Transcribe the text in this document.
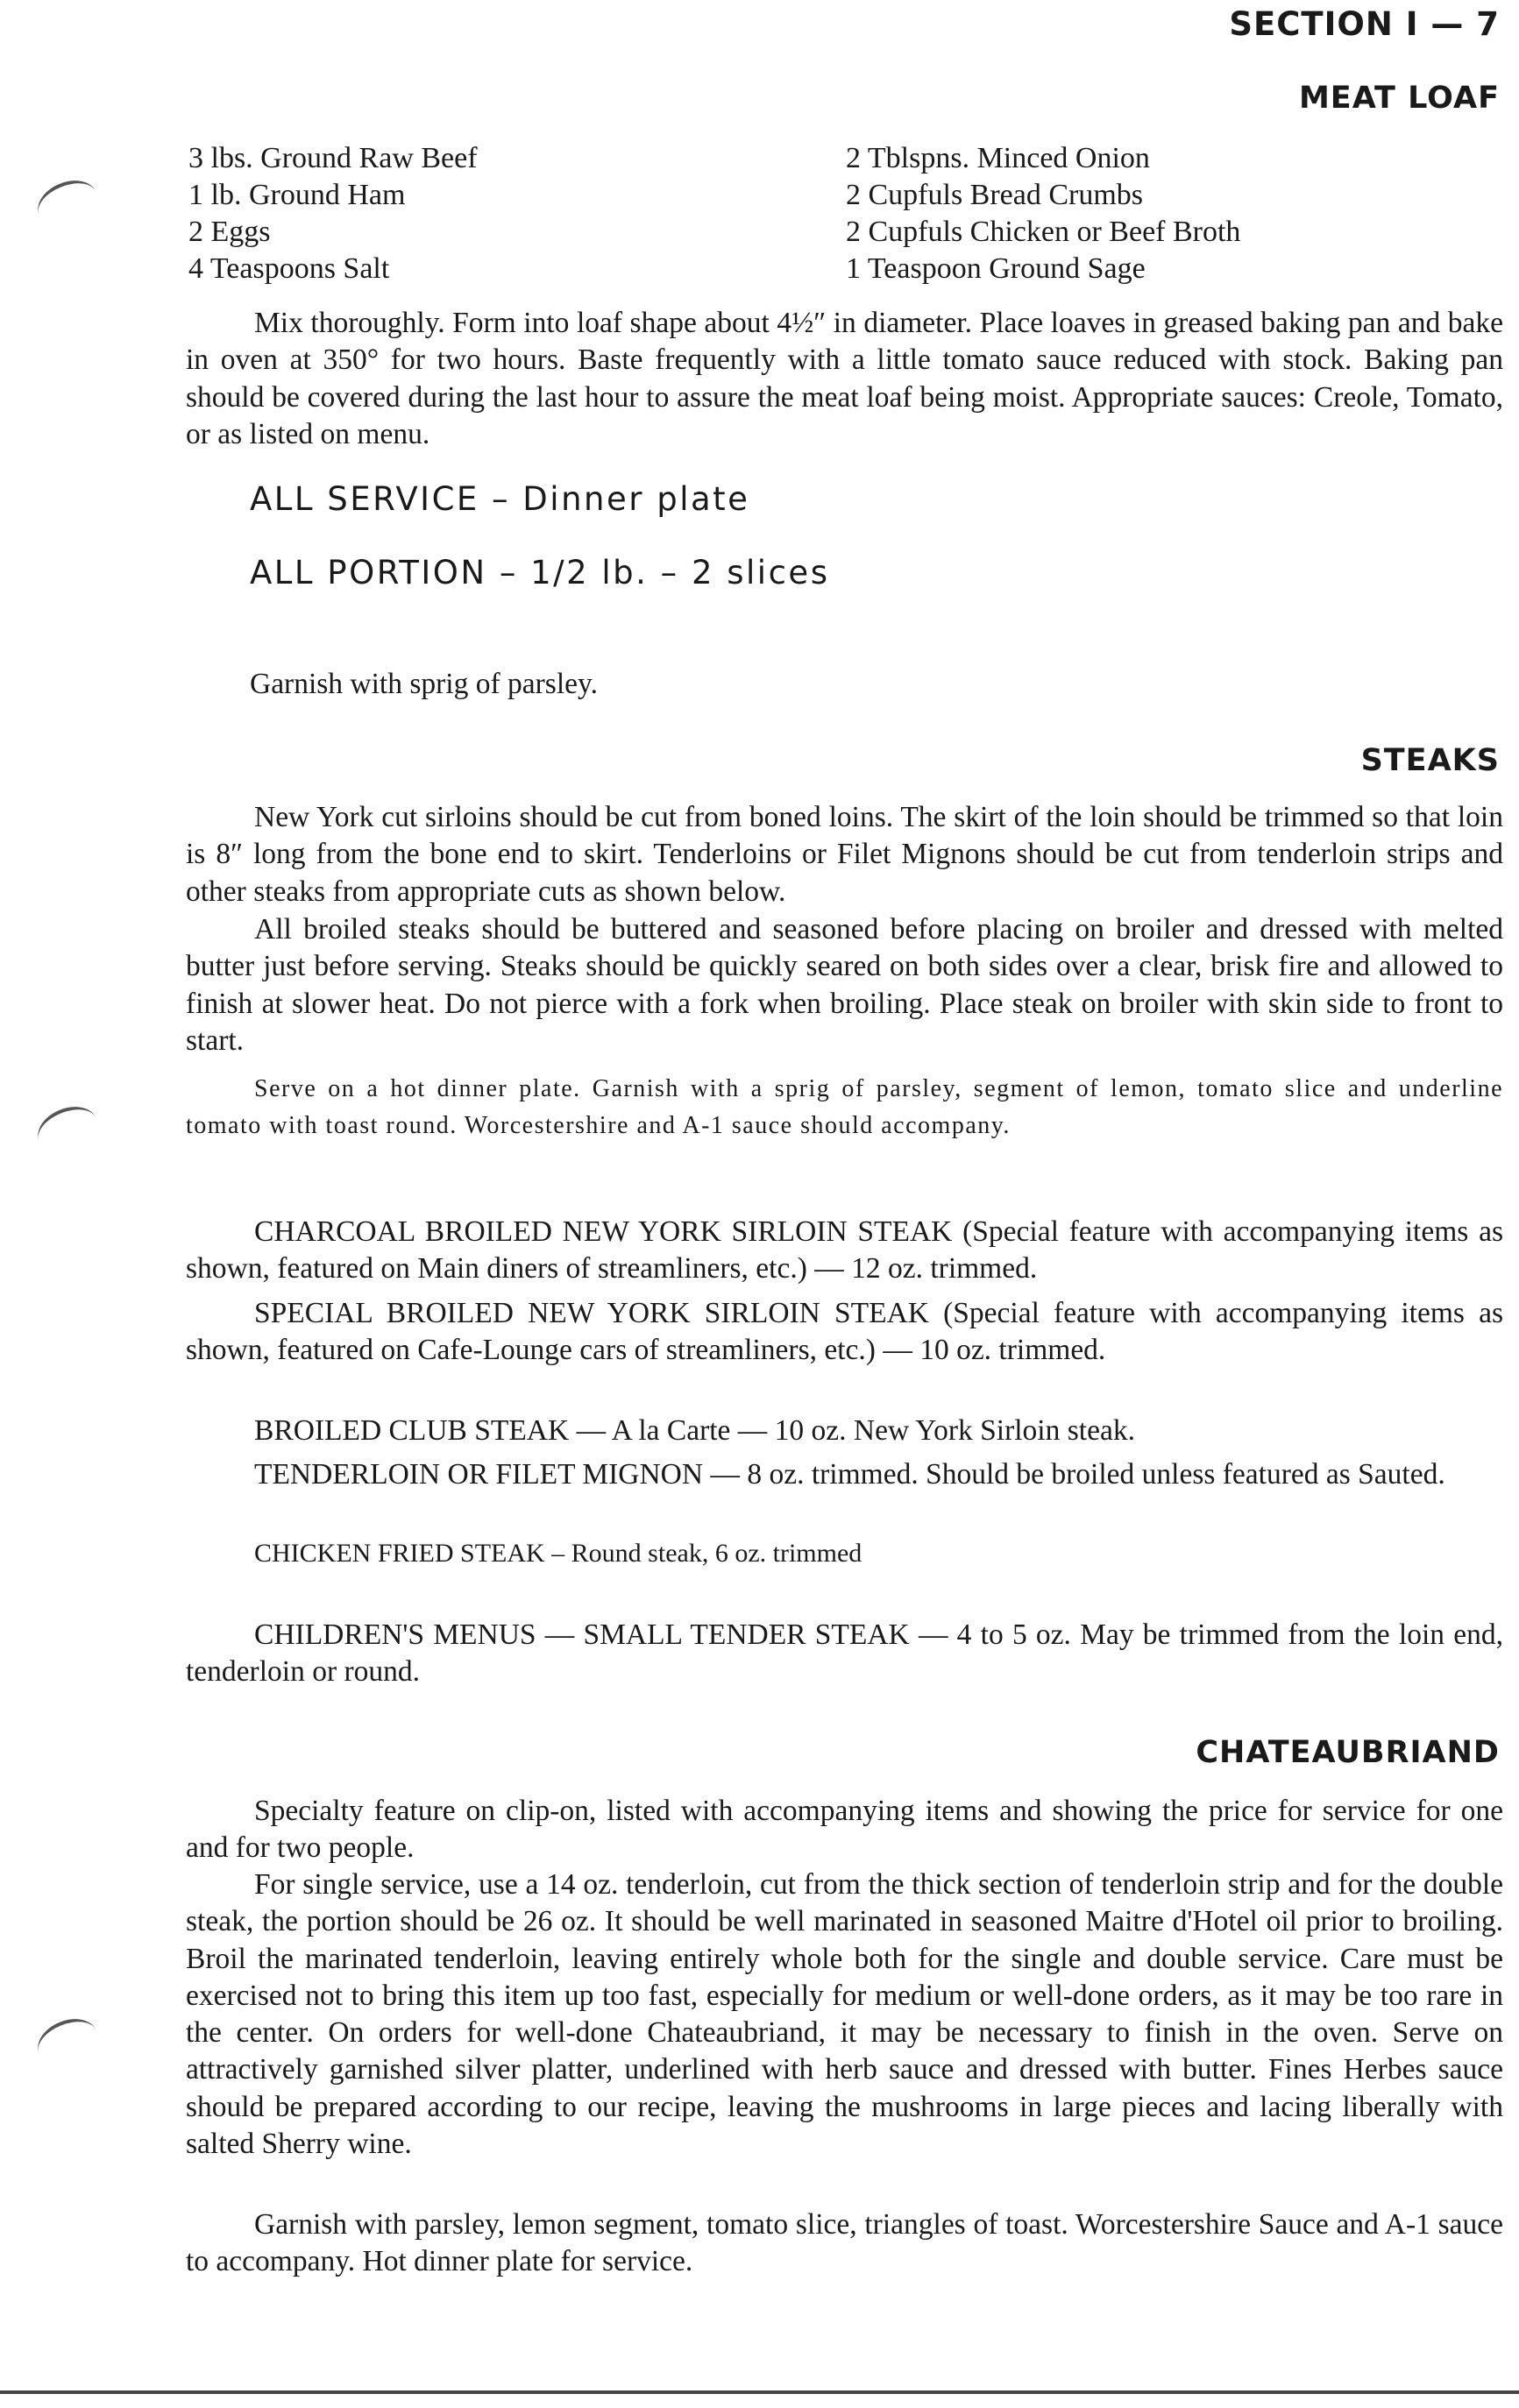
SECTION I — 7
MEAT LOAF
3 lbs. Ground Raw Beef
1 lb. Ground Ham
2 Eggs
4 Teaspoons Salt
2 Tblspns. Minced Onion
2 Cupfuls Bread Crumbs
2 Cupfuls Chicken or Beef Broth
1 Teaspoon Ground Sage

Mix thoroughly. Form into loaf shape about 4½″ in diameter. Place loaves in greased baking pan and bake in oven at 350° for two hours. Baste frequently with a little tomato sauce reduced with stock. Baking pan should be covered during the last hour to assure the meat loaf being moist. Appropriate sauces: Creole, Tomato, or as listed on menu.

ALL SERVICE – Dinner plate
ALL PORTION – 1/2 lb. – 2 slices

Garnish with sprig of parsley.

STEAKS

New York cut sirloins should be cut from boned loins. The skirt of the loin should be trimmed so that loin is 8″ long from the bone end to skirt. Tenderloins or Filet Mignons should be cut from tenderloin strips and other steaks from appropriate cuts as shown below.

All broiled steaks should be buttered and seasoned before placing on broiler and dressed with melted butter just before serving. Steaks should be quickly seared on both sides over a clear, brisk fire and allowed to finish at slower heat. Do not pierce with a fork when broiling. Place steak on broiler with skin side to front to start.

Serve on a hot dinner plate. Garnish with a sprig of parsley, segment of lemon, tomato slice and underline tomato with toast round. Worcestershire and A-1 sauce should accompany.

CHARCOAL BROILED NEW YORK SIRLOIN STEAK (Special feature with accompanying items as shown, featured on Main diners of streamliners, etc.) — 12 oz. trimmed.

SPECIAL BROILED NEW YORK SIRLOIN STEAK (Special feature with accompanying items as shown, featured on Cafe-Lounge cars of streamliners, etc.) — 10 oz. trimmed.

BROILED CLUB STEAK — A la Carte — 10 oz. New York Sirloin steak.

TENDERLOIN OR FILET MIGNON — 8 oz. trimmed. Should be broiled unless featured as Sauted.

CHICKEN FRIED STEAK – Round steak, 6 oz. trimmed

CHILDREN'S MENUS — SMALL TENDER STEAK — 4 to 5 oz. May be trimmed from the loin end, tenderloin or round.

CHATEAUBRIAND

Specialty feature on clip-on, listed with accompanying items and showing the price for service for one and for two people.

For single service, use a 14 oz. tenderloin, cut from the thick section of tenderloin strip and for the double steak, the portion should be 26 oz. It should be well marinated in seasoned Maitre d'Hotel oil prior to broiling. Broil the marinated tenderloin, leaving entirely whole both for the single and double service. Care must be exercised not to bring this item up too fast, especially for medium or well-done orders, as it may be too rare in the center. On orders for well-done Chateaubriand, it may be necessary to finish in the oven. Serve on attractively garnished silver platter, underlined with herb sauce and dressed with butter. Fines Herbes sauce should be prepared according to our recipe, leaving the mushrooms in large pieces and lacing liberally with salted Sherry wine.

Garnish with parsley, lemon segment, tomato slice, triangles of toast. Worcestershire Sauce and A-1 sauce to accompany. Hot dinner plate for service.
